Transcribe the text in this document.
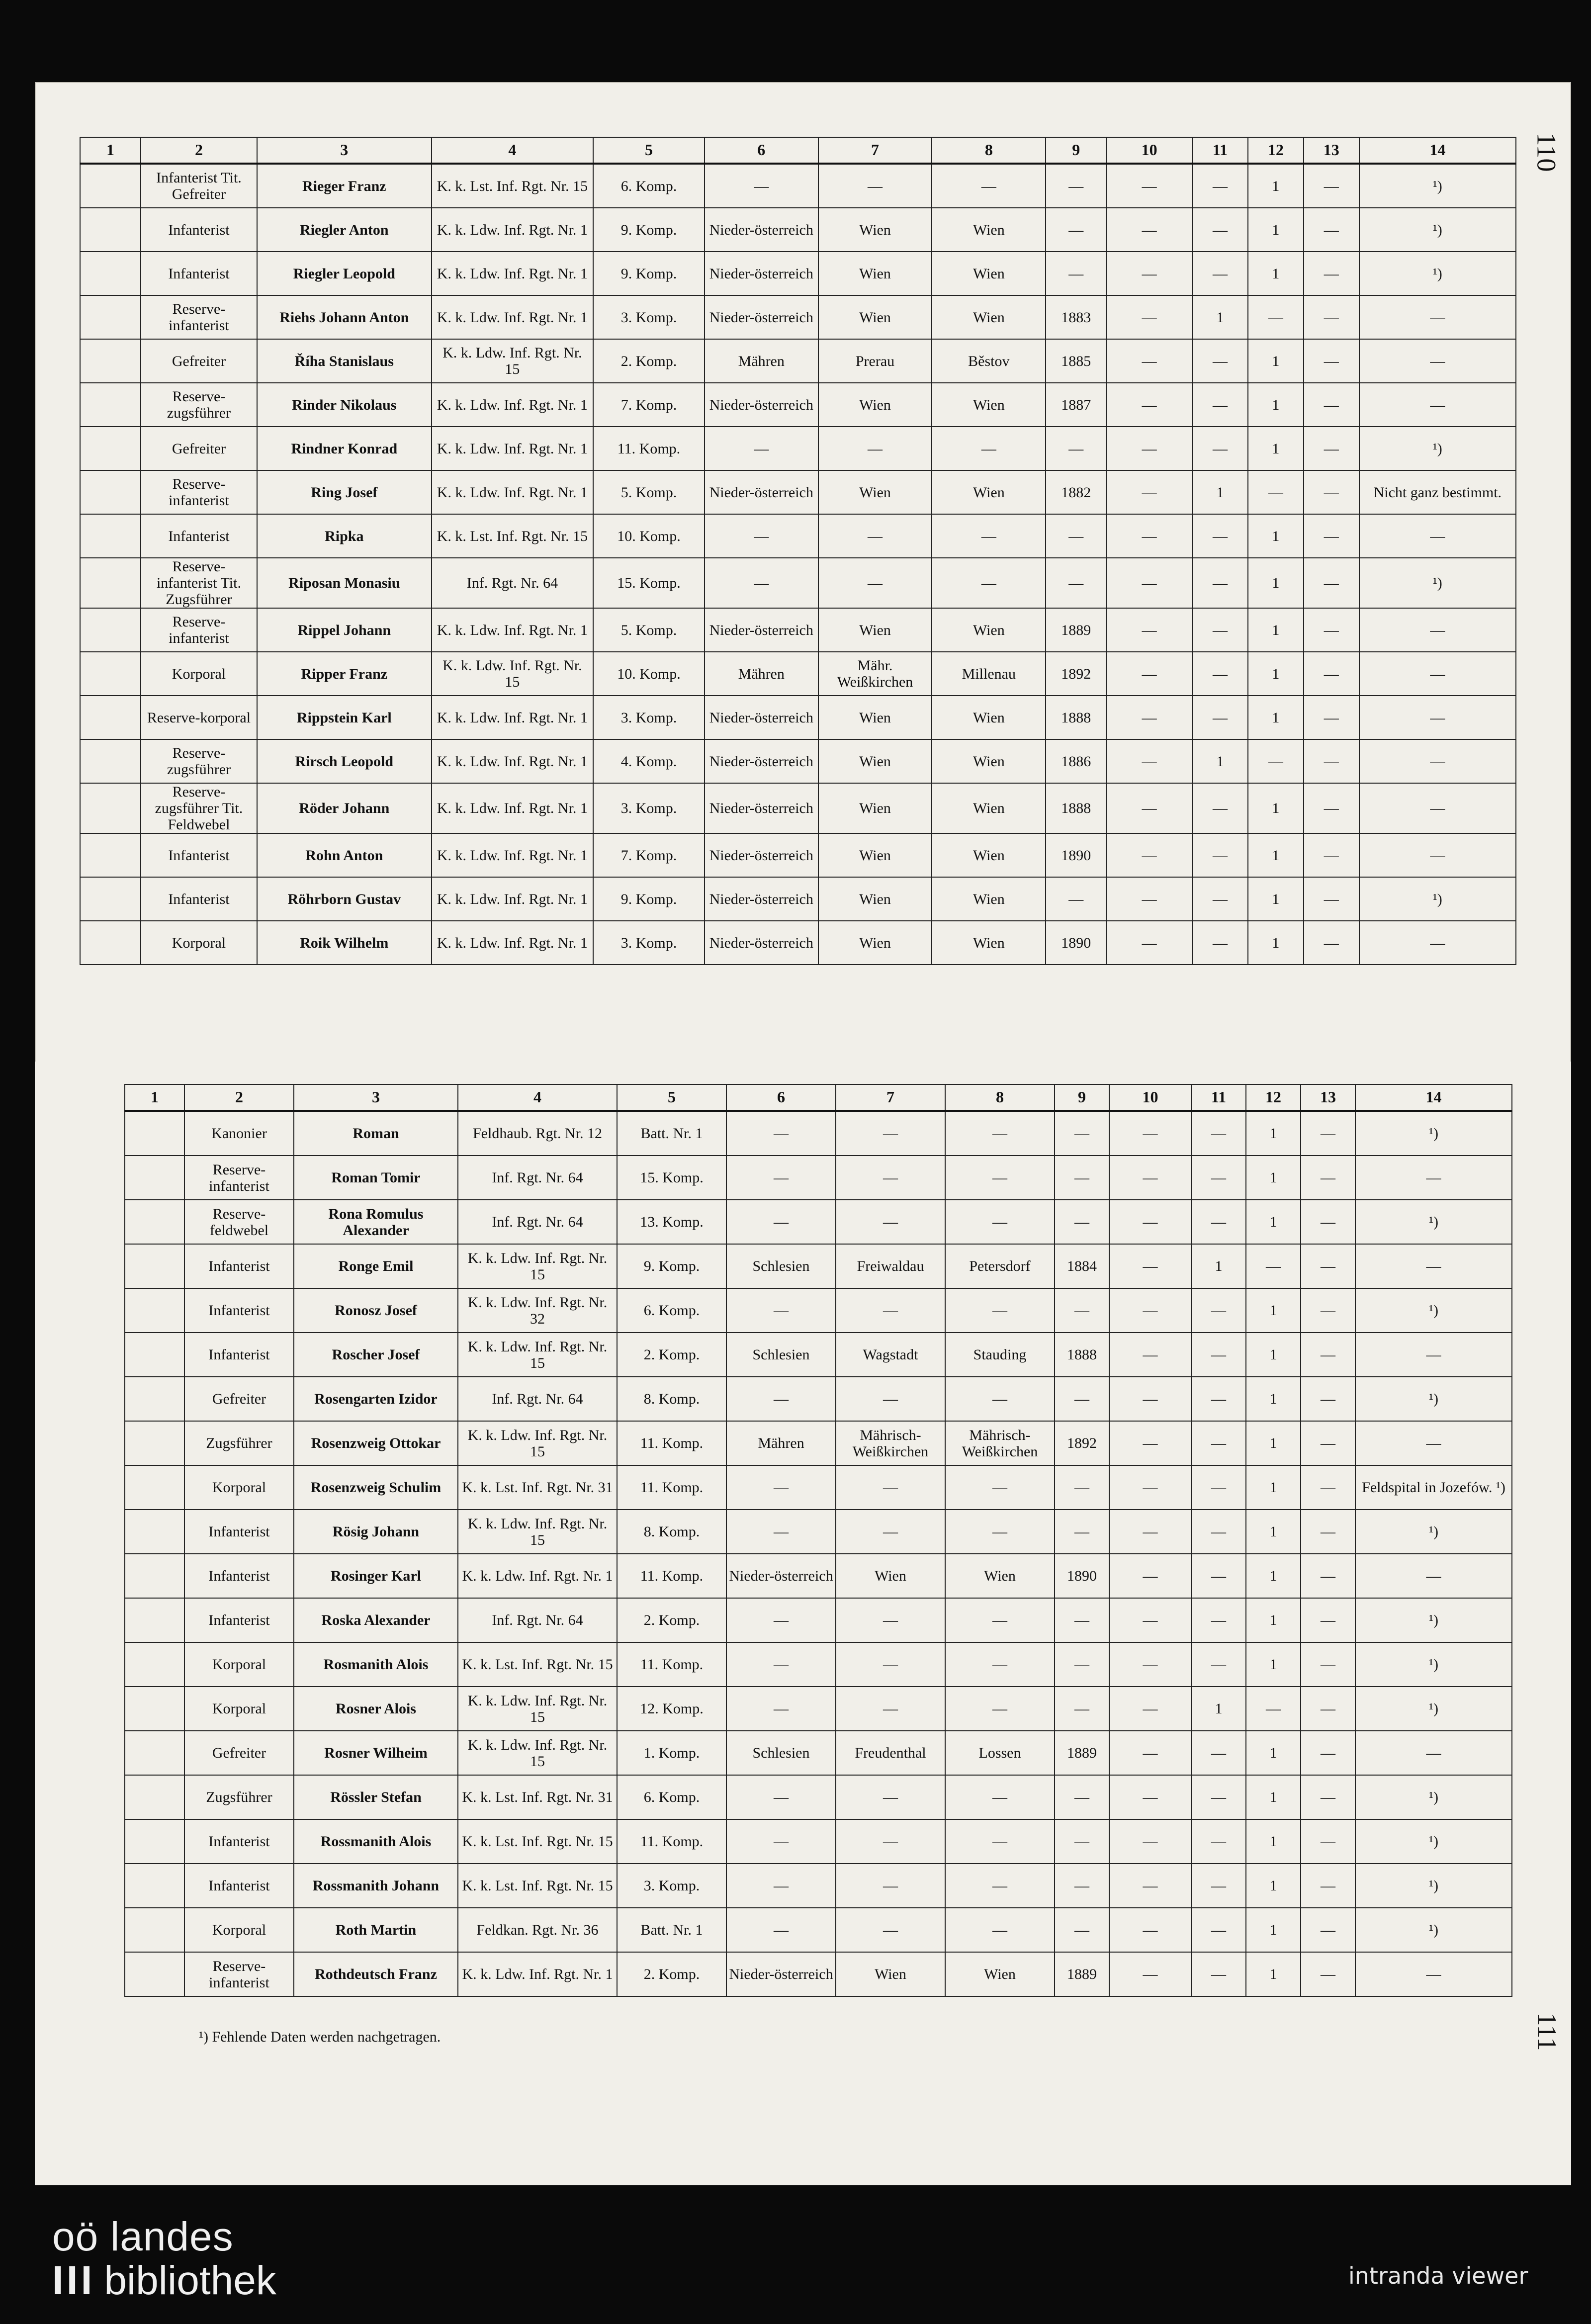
110
1	2	3	4	5	6	7	8	9	10	11	12	13	14
	Infanterist Tit. Gefreiter	Rieger Franz	K. k. Lst. Inf. Rgt. Nr. 15	6. Komp.	—	—	—	—	—	—	1	—	¹)
	Infanterist	Riegler Anton	K. k. Ldw. Inf. Rgt. Nr. 1	9. Komp.	Nieder-österreich	Wien	Wien	—	—	—	1	—	¹)
	Infanterist	Riegler Leopold	K. k. Ldw. Inf. Rgt. Nr. 1	9. Komp.	Nieder-österreich	Wien	Wien	—	—	—	1	—	¹)
	Reserve-infanterist	Riehs Johann Anton	K. k. Ldw. Inf. Rgt. Nr. 1	3. Komp.	Nieder-österreich	Wien	Wien	1883	—	1	—	—	—
	Gefreiter	Říha Stanislaus	K. k. Ldw. Inf. Rgt. Nr. 15	2. Komp.	Mähren	Prerau	Běstov	1885	—	—	1	—	—
	Reserve-zugsführer	Rinder Nikolaus	K. k. Ldw. Inf. Rgt. Nr. 1	7. Komp.	Nieder-österreich	Wien	Wien	1887	—	—	1	—	—
	Gefreiter	Rindner Konrad	K. k. Ldw. Inf. Rgt. Nr. 1	11. Komp.	—	—	—	—	—	—	1	—	¹)
	Reserve-infanterist	Ring Josef	K. k. Ldw. Inf. Rgt. Nr. 1	5. Komp.	Nieder-österreich	Wien	Wien	1882	—	1	—	—	Nicht ganz bestimmt.
	Infanterist	Ripka	K. k. Lst. Inf. Rgt. Nr. 15	10. Komp.	—	—	—	—	—	—	1	—	—
	Reserve-infanterist Tit. Zugsführer	Riposan Monasiu	Inf. Rgt. Nr. 64	15. Komp.	—	—	—	—	—	—	1	—	¹)
	Reserve-infanterist	Rippel Johann	K. k. Ldw. Inf. Rgt. Nr. 1	5. Komp.	Nieder-österreich	Wien	Wien	1889	—	—	1	—	—
	Korporal	Ripper Franz	K. k. Ldw. Inf. Rgt. Nr. 15	10. Komp.	Mähren	Mähr. Weißkirchen	Millenau	1892	—	—	1	—	—
	Reserve-korporal	Rippstein Karl	K. k. Ldw. Inf. Rgt. Nr. 1	3. Komp.	Nieder-österreich	Wien	Wien	1888	—	—	1	—	—
	Reserve-zugsführer	Rirsch Leopold	K. k. Ldw. Inf. Rgt. Nr. 1	4. Komp.	Nieder-österreich	Wien	Wien	1886	—	1	—	—	—
	Reserve-zugsführer Tit. Feldwebel	Röder Johann	K. k. Ldw. Inf. Rgt. Nr. 1	3. Komp.	Nieder-österreich	Wien	Wien	1888	—	—	1	—	—
	Infanterist	Rohn Anton	K. k. Ldw. Inf. Rgt. Nr. 1	7. Komp.	Nieder-österreich	Wien	Wien	1890	—	—	1	—	—
	Infanterist	Röhrborn Gustav	K. k. Ldw. Inf. Rgt. Nr. 1	9. Komp.	Nieder-österreich	Wien	Wien	—	—	—	1	—	¹)
	Korporal	Roik Wilhelm	K. k. Ldw. Inf. Rgt. Nr. 1	3. Komp.	Nieder-österreich	Wien	Wien	1890	—	—	1	—	—
111
1	2	3	4	5	6	7	8	9	10	11	12	13	14
	Kanonier	Roman	Feldhaub. Rgt. Nr. 12	Batt. Nr. 1	—	—	—	—	—	—	1	—	¹)
	Reserve-infanterist	Roman Tomir	Inf. Rgt. Nr. 64	15. Komp.	—	—	—	—	—	—	1	—	—
	Reserve-feldwebel	Rona Romulus Alexander	Inf. Rgt. Nr. 64	13. Komp.	—	—	—	—	—	—	1	—	¹)
	Infanterist	Ronge Emil	K. k. Ldw. Inf. Rgt. Nr. 15	9. Komp.	Schlesien	Freiwaldau	Petersdorf	1884	—	1	—	—	—
	Infanterist	Ronosz Josef	K. k. Ldw. Inf. Rgt. Nr. 32	6. Komp.	—	—	—	—	—	—	1	—	¹)
	Infanterist	Roscher Josef	K. k. Ldw. Inf. Rgt. Nr. 15	2. Komp.	Schlesien	Wagstadt	Stauding	1888	—	—	1	—	—
	Gefreiter	Rosengarten Izidor	Inf. Rgt. Nr. 64	8. Komp.	—	—	—	—	—	—	1	—	¹)
	Zugsführer	Rosenzweig Ottokar	K. k. Ldw. Inf. Rgt. Nr. 15	11. Komp.	Mähren	Mährisch-Weißkirchen	Mährisch-Weißkirchen	1892	—	—	1	—	—
	Korporal	Rosenzweig Schulim	K. k. Lst. Inf. Rgt. Nr. 31	11. Komp.	—	—	—	—	—	—	1	—	Feldspital in Jozefów. ¹)
	Infanterist	Rösig Johann	K. k. Ldw. Inf. Rgt. Nr. 15	8. Komp.	—	—	—	—	—	—	1	—	¹)
	Infanterist	Rosinger Karl	K. k. Ldw. Inf. Rgt. Nr. 1	11. Komp.	Nieder-österreich	Wien	Wien	1890	—	—	1	—	—
	Infanterist	Roska Alexander	Inf. Rgt. Nr. 64	2. Komp.	—	—	—	—	—	—	1	—	¹)
	Korporal	Rosmanith Alois	K. k. Lst. Inf. Rgt. Nr. 15	11. Komp.	—	—	—	—	—	—	1	—	¹)
	Korporal	Rosner Alois	K. k. Ldw. Inf. Rgt. Nr. 15	12. Komp.	—	—	—	—	—	1	—	—	¹)
	Gefreiter	Rosner Wilheim	K. k. Ldw. Inf. Rgt. Nr. 15	1. Komp.	Schlesien	Freudenthal	Lossen	1889	—	—	1	—	—
	Zugsführer	Rössler Stefan	K. k. Lst. Inf. Rgt. Nr. 31	6. Komp.	—	—	—	—	—	—	1	—	¹)
	Infanterist	Rossmanith Alois	K. k. Lst. Inf. Rgt. Nr. 15	11. Komp.	—	—	—	—	—	—	1	—	¹)
	Infanterist	Rossmanith Johann	K. k. Lst. Inf. Rgt. Nr. 15	3. Komp.	—	—	—	—	—	—	1	—	¹)
	Korporal	Roth Martin	Feldkan. Rgt. Nr. 36	Batt. Nr. 1	—	—	—	—	—	—	1	—	¹)
	Reserve-infanterist	Rothdeutsch Franz	K. k. Ldw. Inf. Rgt. Nr. 1	2. Komp.	Nieder-österreich	Wien	Wien	1889	—	—	1	—	—
¹) Fehlende Daten werden nachgetragen.
oö landes
III bibliothek	intranda viewer
